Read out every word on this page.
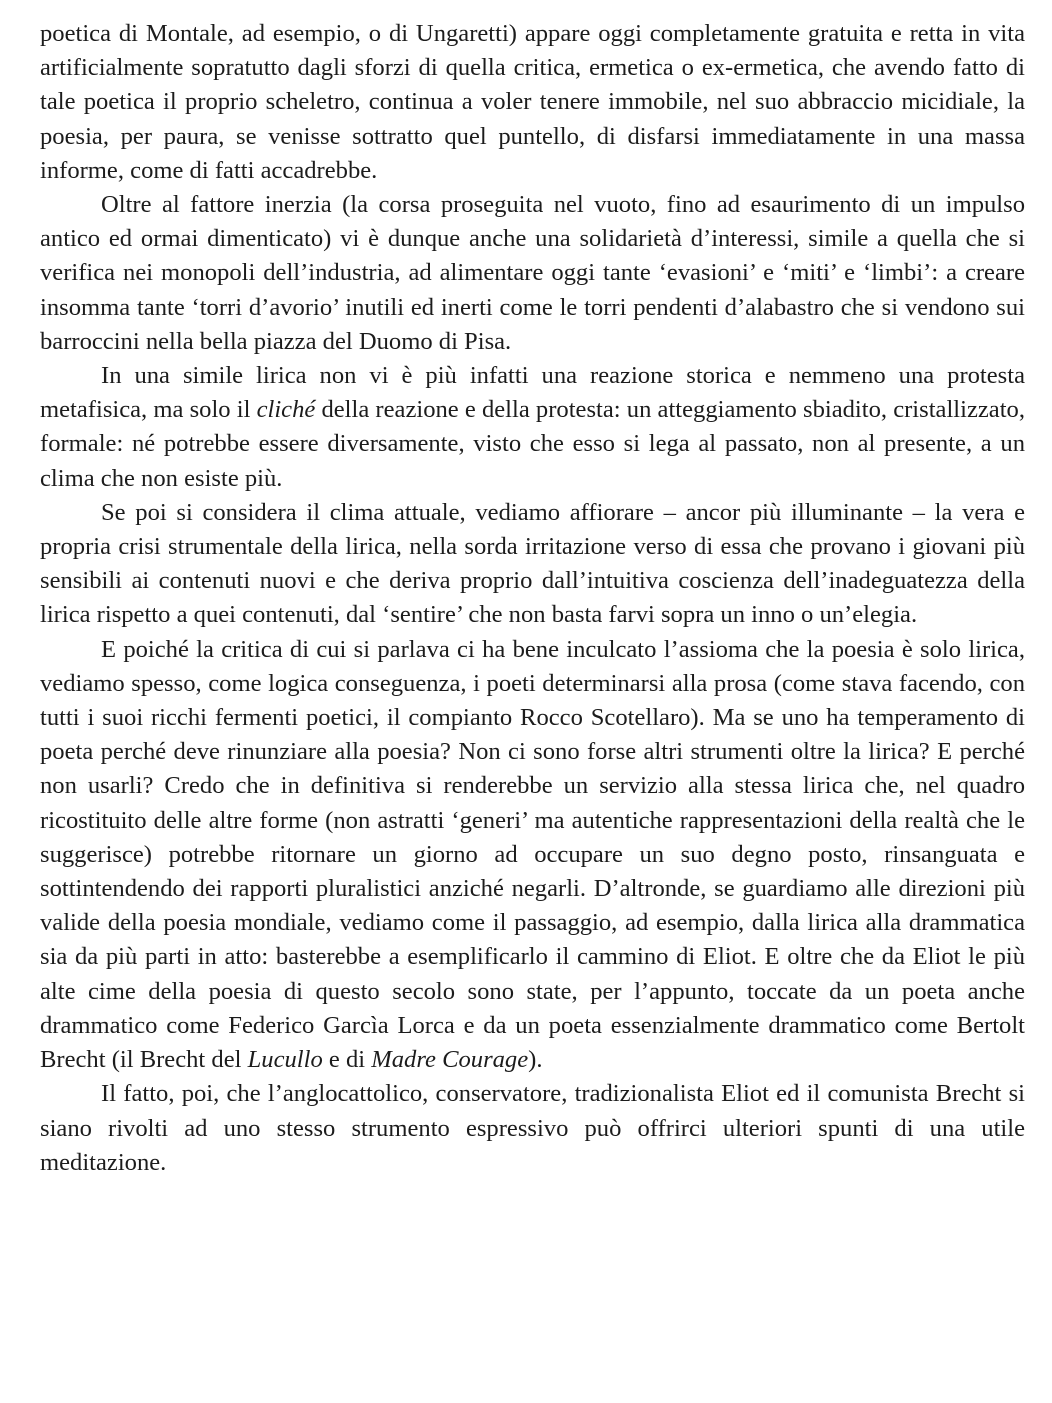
poetica di Montale, ad esempio, o di Ungaretti) appare oggi completamente gratuita e retta in vita artificialmente sopratutto dagli sforzi di quella critica, ermetica o ex-ermetica, che avendo fatto di tale poetica il proprio scheletro, continua a voler tenere immobile, nel suo abbraccio micidiale, la poesia, per paura, se venisse sottratto quel puntello, di disfarsi immediatamente in una massa informe, come di fatti accadrebbe.

Oltre al fattore inerzia (la corsa proseguita nel vuoto, fino ad esaurimento di un impulso antico ed ormai dimenticato) vi è dunque anche una solidarietà d’interessi, simile a quella che si verifica nei monopoli dell’industria, ad alimentare oggi tante ‘evasioni’ e ‘miti’ e ‘limbi’: a creare insomma tante ‘torri d’avorio’ inutili ed inerti come le torri pendenti d’alabastro che si vendono sui barroccini nella bella piazza del Duomo di Pisa.

In una simile lirica non vi è più infatti una reazione storica e nemmeno una protesta metafisica, ma solo il cliché della reazione e della protesta: un atteggiamento sbiadito, cristallizzato, formale: né potrebbe essere diversamente, visto che esso si lega al passato, non al presente, a un clima che non esiste più.

Se poi si considera il clima attuale, vediamo affiorare – ancor più illuminante – la vera e propria crisi strumentale della lirica, nella sorda irritazione verso di essa che provano i giovani più sensibili ai contenuti nuovi e che deriva proprio dall’intuitiva coscienza dell’inadeguatezza della lirica rispetto a quei contenuti, dal ‘sentire’ che non basta farvi sopra un inno o un’elegia.

E poiché la critica di cui si parlava ci ha bene inculcato l’assioma che la poesia è solo lirica, vediamo spesso, come logica conseguenza, i poeti determinarsi alla prosa (come stava facendo, con tutti i suoi ricchi fermenti poetici, il compianto Rocco Scotellaro). Ma se uno ha temperamento di poeta perché deve rinunziare alla poesia? Non ci sono forse altri strumenti oltre la lirica? E perché non usarli? Credo che in definitiva si renderebbe un servizio alla stessa lirica che, nel quadro ricostituito delle altre forme (non astratti ‘generi’ ma autentiche rappresentazioni della realtà che le suggerisce) potrebbe ritornare un giorno ad occupare un suo degno posto, rinsanguata e sottintendendo dei rapporti pluralistici anziché negarli. D’altronde, se guardiamo alle direzioni più valide della poesia mondiale, vediamo come il passaggio, ad esempio, dalla lirica alla drammatica sia da più parti in atto: basterebbe a esemplificarlo il cammino di Eliot. E oltre che da Eliot le più alte cime della poesia di questo secolo sono state, per l’appunto, toccate da un poeta anche drammatico come Federico Garcìa Lorca e da un poeta essenzialmente drammatico come Bertolt Brecht (il Brecht del Lucullo e di Madre Courage).

Il fatto, poi, che l’anglocattolico, conservatore, tradizionalista Eliot ed il comunista Brecht si siano rivolti ad uno stesso strumento espressivo può offrirci ulteriori spunti di una utile meditazione.
